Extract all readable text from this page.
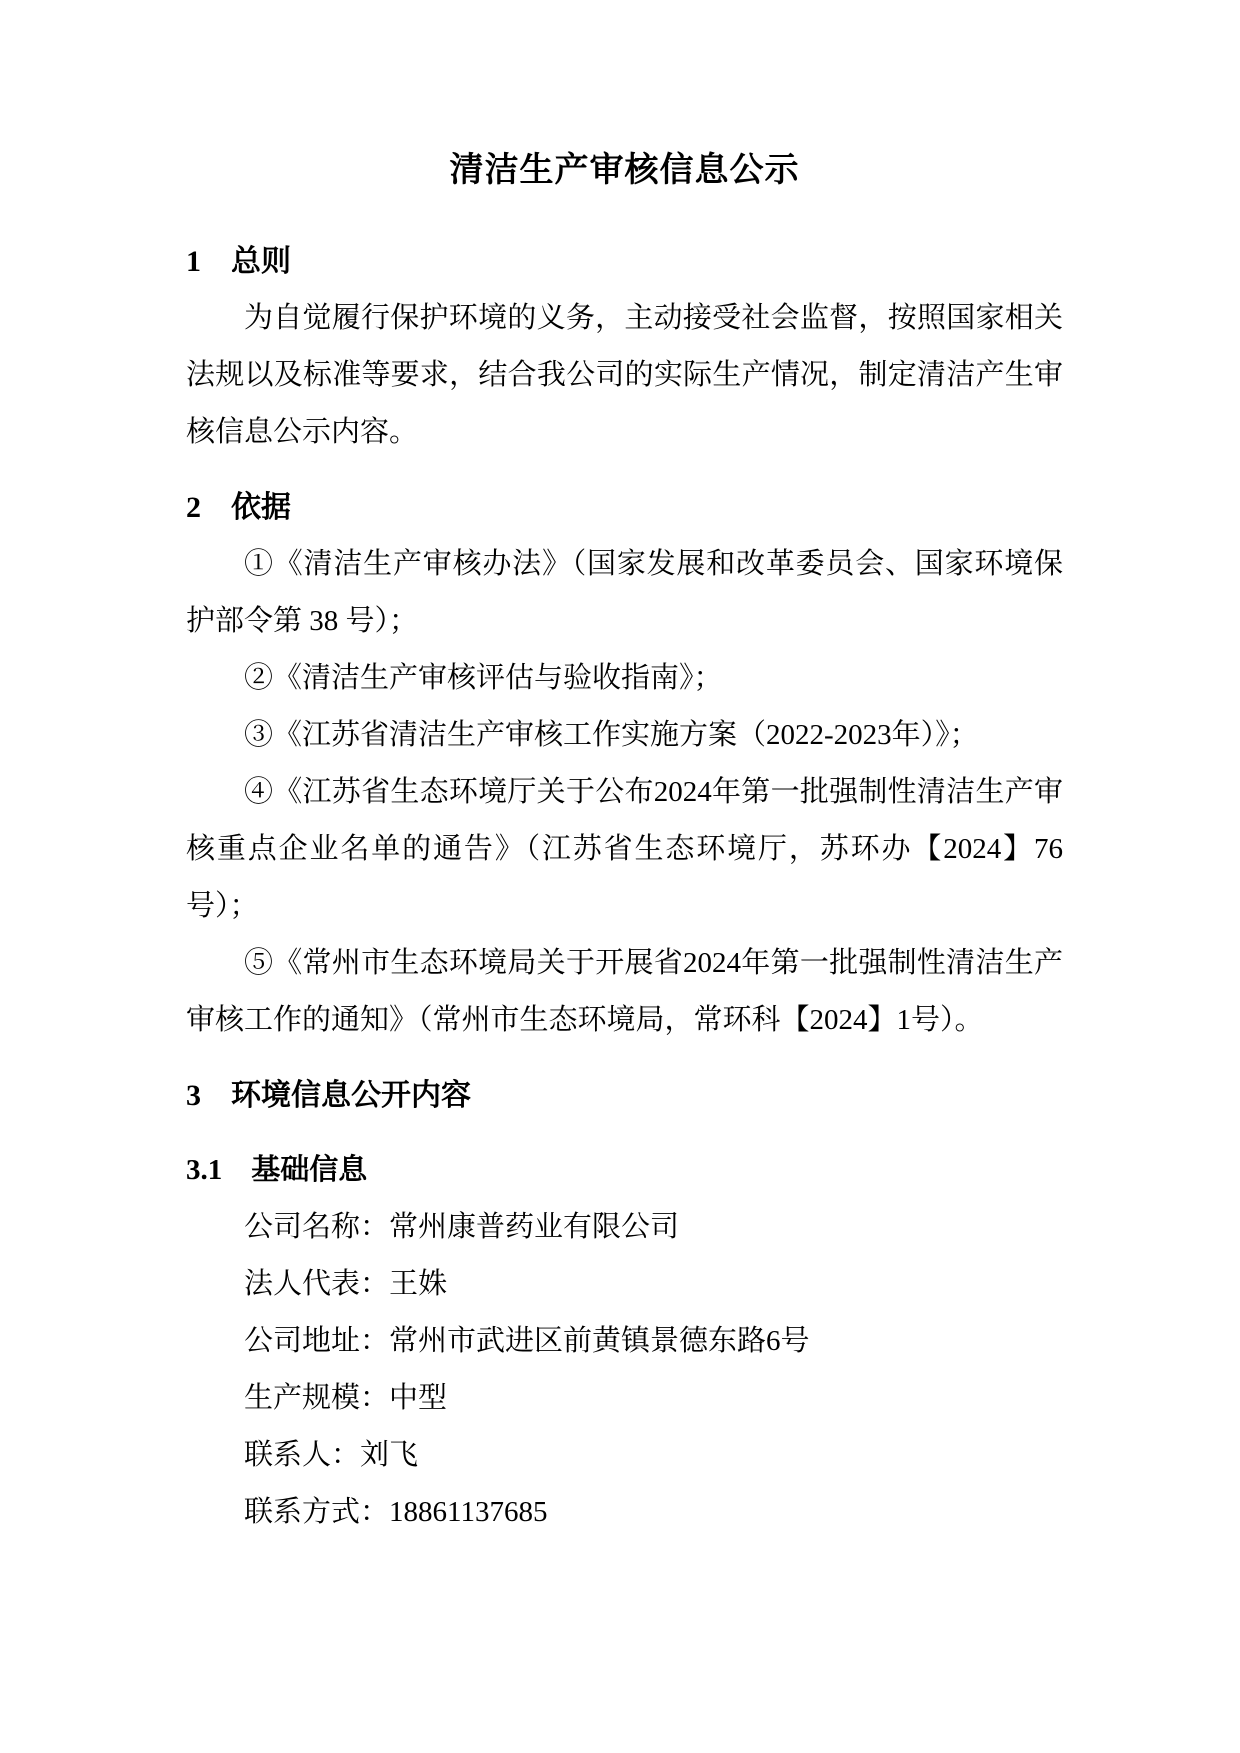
清洁生产审核信息公示
1　总则

为自觉履行保护环境的义务，主动接受社会监督，按照国家相关法规以及标准等要求，结合我公司的实际生产情况，制定清洁产生审核信息公示内容。

2　依据

①《清洁生产审核办法》（国家发展和改革委员会、国家环境保护部令第 38 号）；

②《清洁生产审核评估与验收指南》；

③《江苏省清洁生产审核工作实施方案（2022-2023年）》；

④《江苏省生态环境厅关于公布2024年第一批强制性清洁生产审核重点企业名单的通告》（江苏省生态环境厅，苏环办【2024】76号）；

⑤《常州市生态环境局关于开展省2024年第一批强制性清洁生产审核工作的通知》（常州市生态环境局，常环科【2024】1号）。

3　环境信息公开内容
3.1　基础信息

公司名称：常州康普药业有限公司

法人代表：王姝

公司地址：常州市武进区前黄镇景德东路6号

生产规模：中型

联系人：刘飞

联系方式：18861137685
